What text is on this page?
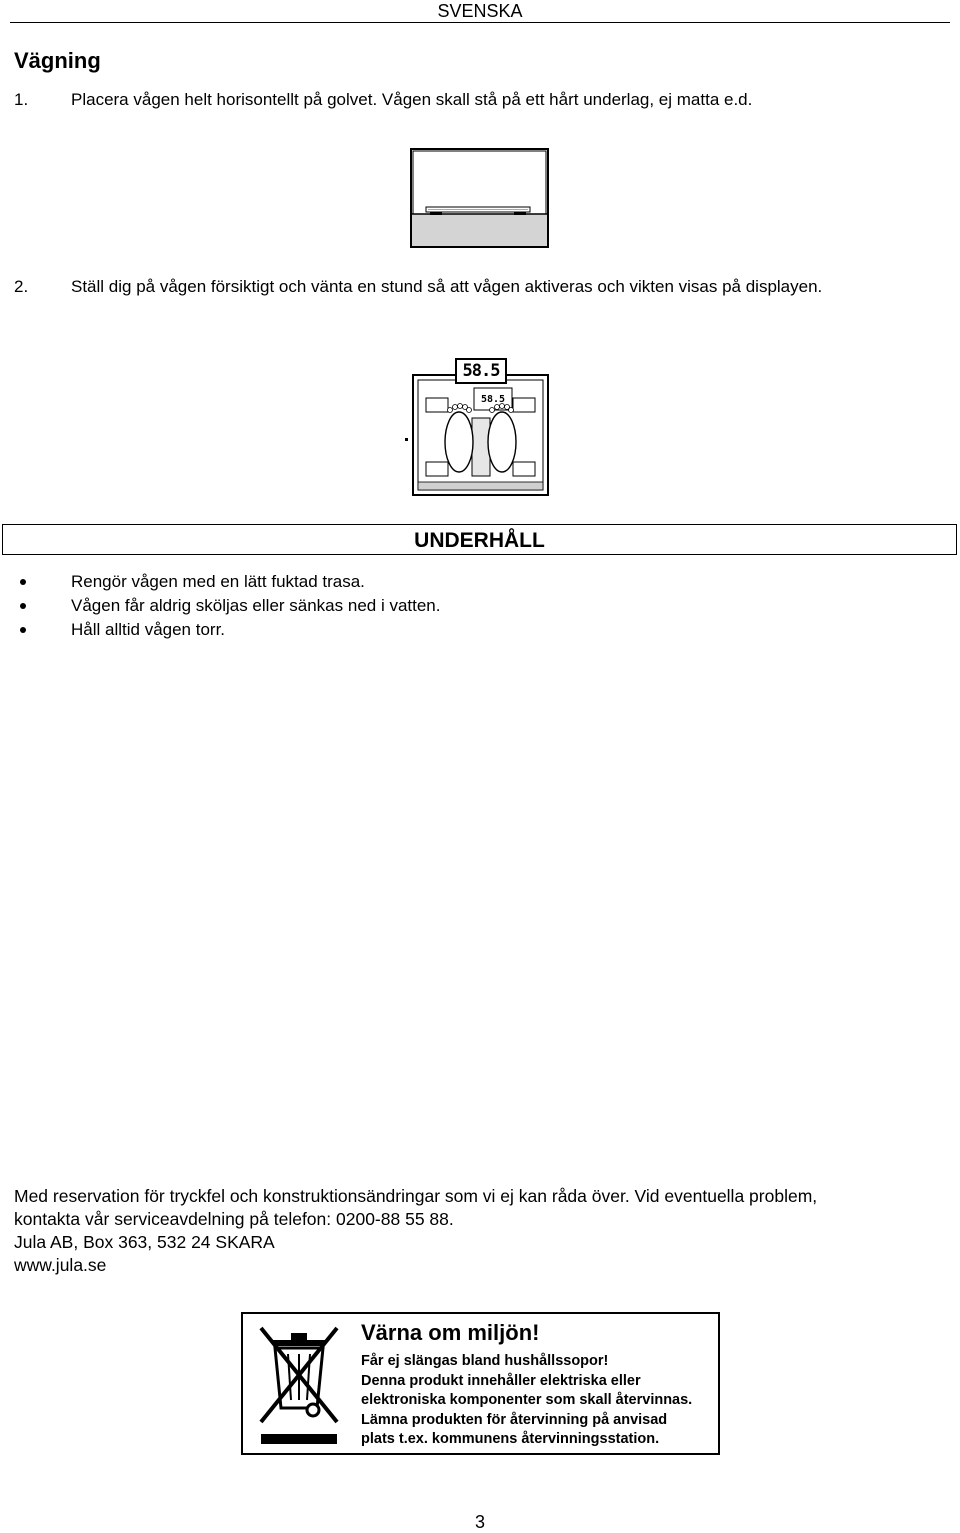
SVENSKA
Vägning
1.	Placera vågen helt horisontellt på golvet. Vågen skall stå på ett hårt underlag, ej matta e.d.
2.	Ställ dig på vågen försiktigt och vänta en stund så att vågen aktiveras och vikten visas på displayen.
58.5
58.5
UNDERHÅLL
Rengör vågen med en lätt fuktad trasa.
Vågen får aldrig sköljas eller sänkas ned i vatten.
Håll alltid vågen torr.
Med reservation för tryckfel och konstruktionsändringar som vi ej kan råda över. Vid eventuella problem,
kontakta vår serviceavdelning på telefon: 0200-88 55 88.
Jula AB, Box 363, 532 24 SKARA
www.jula.se
Värna om miljön!
Får ej slängas bland hushållssopor!
Denna produkt innehåller elektriska eller
elektroniska komponenter som skall återvinnas.
Lämna produkten för återvinning på anvisad
plats t.ex. kommunens återvinningsstation.
3
